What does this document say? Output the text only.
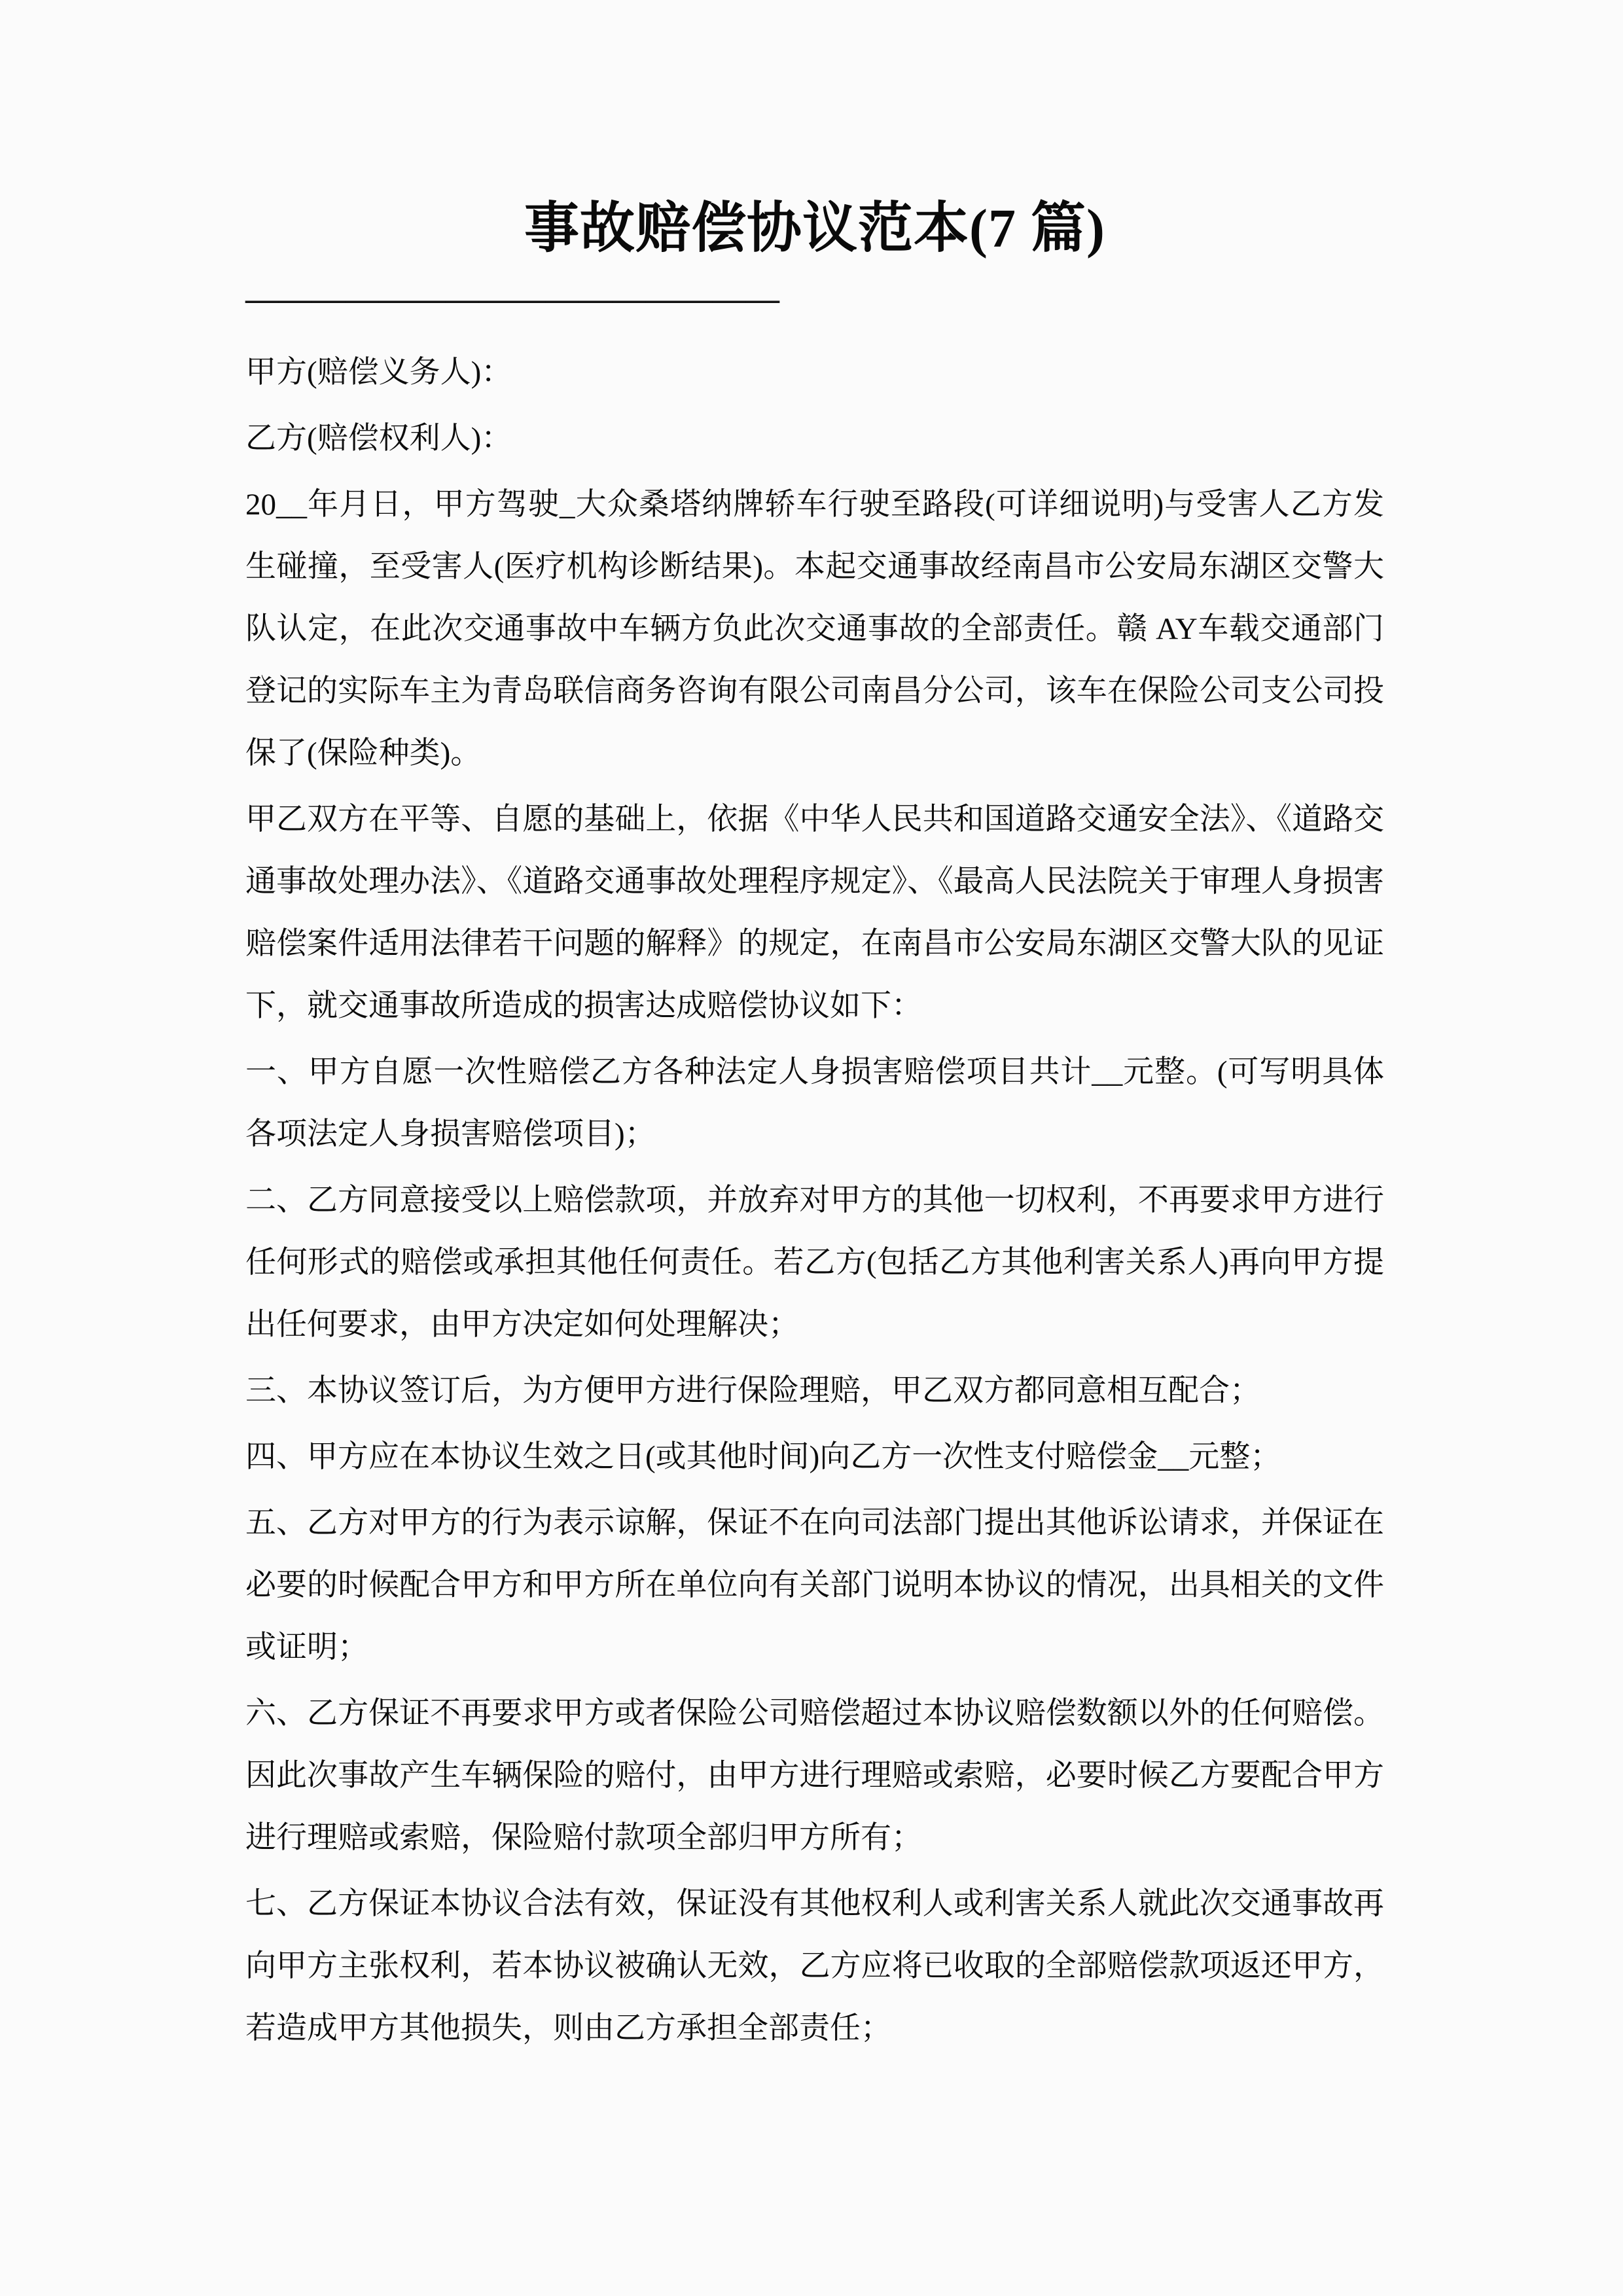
事故赔偿协议范本(7 篇)
————————————————

甲方(赔偿义务人)：

乙方(赔偿权利人)：

20__年月日，甲方驾驶_大众桑塔纳牌轿车行驶至路段(可详细说明)与受害人乙方发生碰撞，至受害人(医疗机构诊断结果)。本起交通事故经南昌市公安局东湖区交警大队认定，在此次交通事故中车辆方负此次交通事故的全部责任。赣 AY车载交通部门登记的实际车主为青岛联信商务咨询有限公司南昌分公司，该车在保险公司支公司投保了(保险种类)。

甲乙双方在平等、自愿的基础上，依据《中华人民共和国道路交通安全法》、《道路交通事故处理办法》、《道路交通事故处理程序规定》、《最高人民法院关于审理人身损害赔偿案件适用法律若干问题的解释》的规定，在南昌市公安局东湖区交警大队的见证下，就交通事故所造成的损害达成赔偿协议如下：

一、甲方自愿一次性赔偿乙方各种法定人身损害赔偿项目共计__元整。(可写明具体各项法定人身损害赔偿项目)；

二、乙方同意接受以上赔偿款项，并放弃对甲方的其他一切权利，不再要求甲方进行任何形式的赔偿或承担其他任何责任。若乙方(包括乙方其他利害关系人)再向甲方提出任何要求，由甲方决定如何处理解决；

三、本协议签订后，为方便甲方进行保险理赔，甲乙双方都同意相互配合；

四、甲方应在本协议生效之日(或其他时间)向乙方一次性支付赔偿金__元整；

五、乙方对甲方的行为表示谅解，保证不在向司法部门提出其他诉讼请求，并保证在必要的时候配合甲方和甲方所在单位向有关部门说明本协议的情况，出具相关的文件或证明；

六、乙方保证不再要求甲方或者保险公司赔偿超过本协议赔偿数额以外的任何赔偿。因此次事故产生车辆保险的赔付，由甲方进行理赔或索赔，必要时候乙方要配合甲方进行理赔或索赔，保险赔付款项全部归甲方所有；

七、乙方保证本协议合法有效，保证没有其他权利人或利害关系人就此次交通事故再向甲方主张权利，若本协议被确认无效，乙方应将已收取的全部赔偿款项返还甲方，若造成甲方其他损失，则由乙方承担全部责任；
